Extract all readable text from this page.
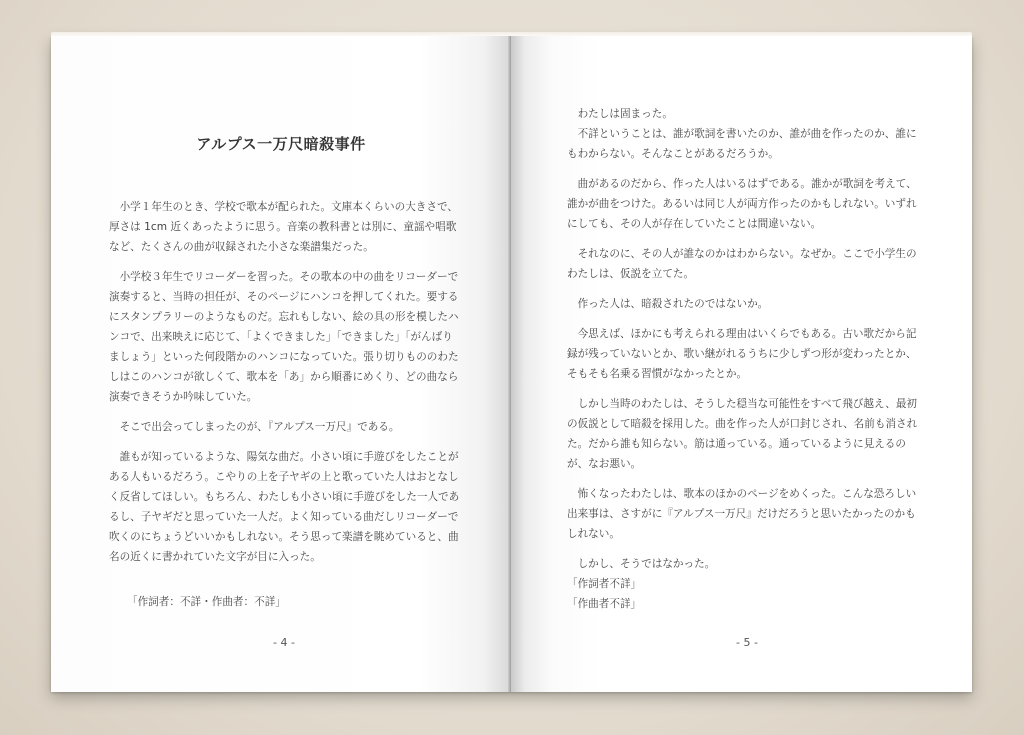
アルプス一万尺暗殺事件

　小学１年生のとき、学校で歌本が配られた。文庫本くらいの大きさで、厚さは 1cm 近くあったように思う。音楽の教科書とは別に、童謡や唱歌など、たくさんの曲が収録された小さな楽譜集だった。

　小学校３年生でリコーダーを習った。その歌本の中の曲をリコーダーで演奏すると、当時の担任が、そのページにハンコを押してくれた。要するにスタンプラリーのようなものだ。忘れもしない、絵の具の形を模したハンコで、出来映えに応じて、「よくできました」「できました」「がんばりましょう」といった何段階かのハンコになっていた。張り切りもののわたしはこのハンコが欲しくて、歌本を「あ」から順番にめくり、どの曲なら演奏できそうか吟味していた。

　そこで出会ってしまったのが、『アルプス一万尺』である。

　誰もが知っているような、陽気な曲だ。小さい頃に手遊びをしたことがある人もいるだろう。こやりの上を子ヤギの上と歌っていた人はおとなしく反省してほしい。もちろん、わたしも小さい頃に手遊びをした一人であるし、子ヤギだと思っていた一人だ。よく知っている曲だしリコーダーで吹くのにちょうどいいかもしれない。そう思って楽譜を眺めていると、曲名の近くに書かれていた文字が目に入った。

「作詞者：不詳・作曲者：不詳」
- 4 -

　わたしは固まった。
　不詳ということは、誰が歌詞を書いたのか、誰が曲を作ったのか、誰にもわからない。そんなことがあるだろうか。

　曲があるのだから、作った人はいるはずである。誰かが歌詞を考えて、誰かが曲をつけた。あるいは同じ人が両方作ったのかもしれない。いずれにしても、その人が存在していたことは間違いない。

　それなのに、その人が誰なのかはわからない。なぜか。ここで小学生のわたしは、仮説を立てた。

　作った人は、暗殺されたのではないか。

　今思えば、ほかにも考えられる理由はいくらでもある。古い歌だから記録が残っていないとか、歌い継がれるうちに少しずつ形が変わったとか、そもそも名乗る習慣がなかったとか。

　しかし当時のわたしは、そうした穏当な可能性をすべて飛び越え、最初の仮説として暗殺を採用した。曲を作った人が口封じされ、名前も消された。だから誰も知らない。筋は通っている。通っているように見えるのが、なお悪い。

　怖くなったわたしは、歌本のほかのページをめくった。こんな恐ろしい出来事は、さすがに『アルプス一万尺』だけだろうと思いたかったのかもしれない。

　しかし、そうではなかった。
「作詞者不詳」
「作曲者不詳」

- 5 -
